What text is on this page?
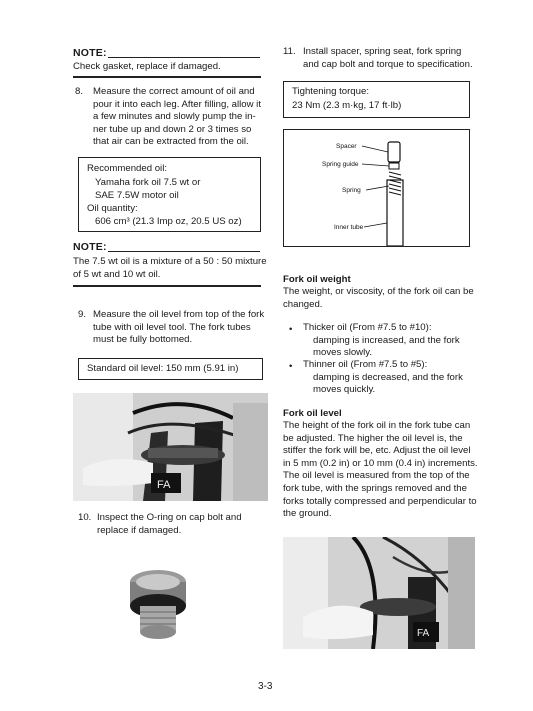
NOTE:
Check gasket, replace if damaged.
8. Measure the correct amount of oil and
pour it into each leg. After filling, allow it
a few minutes and slowly pump the in-
ner tube up and down 2 or 3 times so
that air can be extracted from the oil.
Recommended oil:
Yamaha fork oil 7.5 wt or
SAE 7.5W motor oil
Oil quantity:
606 cm³ (21.3 Imp oz, 20.5 US oz)
NOTE:
The 7.5 wt oil is a mixture of a 50 : 50 mixture
of 5 wt and 10 wt oil.
9. Measure the oil level from top of the fork
tube with oil level tool. The fork tubes
must be fully bottomed.
Standard oil level: 150 mm (5.91 in)
FA
10. Inspect the O-ring on cap bolt and
replace if damaged.
11. Install spacer, spring seat, fork spring
and cap bolt and torque to specification.
Tightening torque:
23 Nm (2.3 m·kg, 17 ft·lb)
Spacer
Spring guide
Spring
Inner tube
Fork oil weight
The weight, or viscosity, of the fork oil can be
changed.
• Thicker oil (From #7.5 to #10):
damping is increased, and the fork
moves slowly.
• Thinner oil (From #7.5 to #5):
damping is decreased, and the fork
moves quickly.
Fork oil level
The height of the fork oil in the fork tube can
be adjusted. The higher the oil level is, the
stiffer the fork will be, etc. Adjust the oil level
in 5 mm (0.2 in) or 10 mm (0.4 in) increments.
The oil level is measured from the top of the
fork tube, with the springs removed and the
forks totally compressed and perpendicular to
the ground.
FA
3-3
